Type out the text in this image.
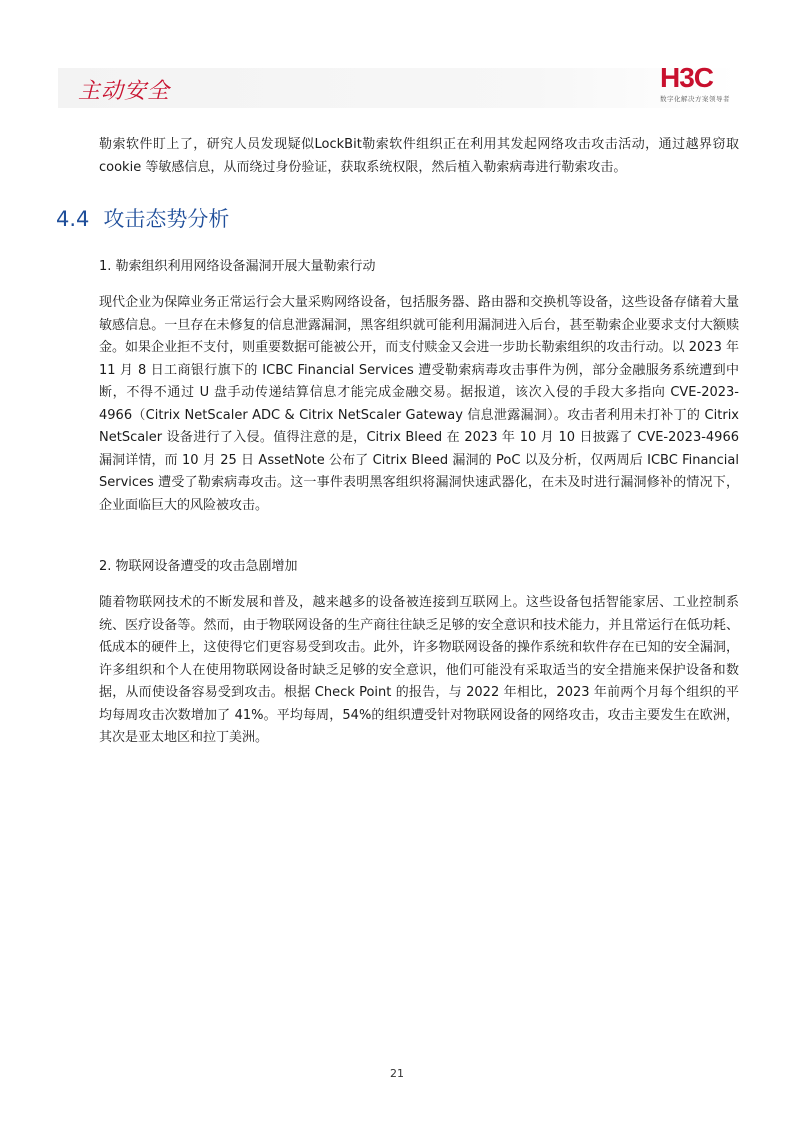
主动安全	H3C
数字化解决方案领导者

勒索软件盯上了，研究人员发现疑似LockBit勒索软件组织正在利用其发起网络攻击攻击活动，通过越界窃取 cookie 等敏感信息，从而绕过身份验证，获取系统权限，然后植入勒索病毒进行勒索攻击。

4.4 攻击态势分析
1. 勒索组织利用网络设备漏洞开展大量勒索行动

现代企业为保障业务正常运行会大量采购网络设备，包括服务器、路由器和交换机等设备，这些设备存储着大量敏感信息。一旦存在未修复的信息泄露漏洞，黑客组织就可能利用漏洞进入后台，甚至勒索企业要求支付大额赎金。如果企业拒不支付，则重要数据可能被公开，而支付赎金又会进一步助长勒索组织的攻击行动。以 2023 年 11 月 8 日工商银行旗下的 ICBC Financial Services 遭受勒索病毒攻击事件为例，部分金融服务系统遭到中断，不得不通过 U 盘手动传递结算信息才能完成金融交易。据报道，该次入侵的手段大多指向 CVE-2023-4966（Citrix NetScaler ADC & Citrix NetScaler Gateway 信息泄露漏洞）。攻击者利用未打补丁的 Citrix NetScaler 设备进行了入侵。值得注意的是，Citrix Bleed 在 2023 年 10 月 10 日披露了 CVE-2023-4966 漏洞详情，而 10 月 25 日 AssetNote 公布了 Citrix Bleed 漏洞的 PoC 以及分析，仅两周后 ICBC Financial Services 遭受了勒索病毒攻击。这一事件表明黑客组织将漏洞快速武器化，在未及时进行漏洞修补的情况下，企业面临巨大的风险被攻击。

2. 物联网设备遭受的攻击急剧增加

随着物联网技术的不断发展和普及，越来越多的设备被连接到互联网上。这些设备包括智能家居、工业控制系统、医疗设备等。然而，由于物联网设备的生产商往往缺乏足够的安全意识和技术能力，并且常运行在低功耗、低成本的硬件上，这使得它们更容易受到攻击。此外，许多物联网设备的操作系统和软件存在已知的安全漏洞，许多组织和个人在使用物联网设备时缺乏足够的安全意识，他们可能没有采取适当的安全措施来保护设备和数据，从而使设备容易受到攻击。根据 Check Point 的报告，与 2022 年相比，2023 年前两个月每个组织的平均每周攻击次数增加了 41%。平均每周，54%的组织遭受针对物联网设备的网络攻击，攻击主要发生在欧洲，其次是亚太地区和拉丁美洲。

21
